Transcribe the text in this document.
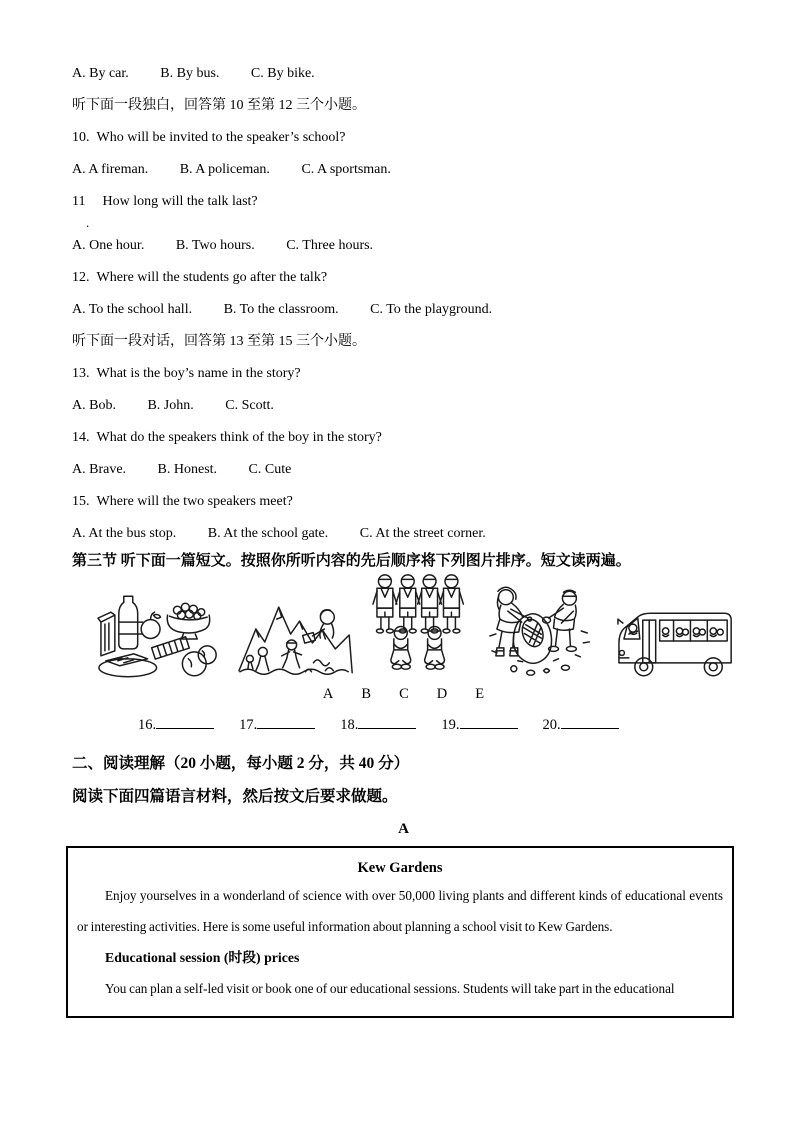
A. By car. B. By bus. C. By bike.
听下面一段独白，回答第 10 至第 12 三个小题。
10. Who will be invited to the speaker’s school?
A. A fireman. B. A policeman. C. A sportsman.
11 How long will the talk last?
.
A. One hour. B. Two hours. C. Three hours.
12. Where will the students go after the talk?
A. To the school hall. B. To the classroom. C. To the playground.
听下面一段对话，回答第 13 至第 15 三个小题。
13. What is the boy’s name in the story?
A. Bob. B. John. C. Scott.
14. What do the speakers think of the boy in the story?
A. Brave. B. Honest. C. Cute
15. Where will the two speakers meet?
A. At the bus stop. B. At the school gate. C. At the street corner.
第三节 听下面一篇短文。按照你所听内容的先后顺序将下列图片排序。短文读两遍。
A B C D E
16.	17.	18.	19.	20.
二、阅读理解（20 小题，每小题 2 分，共 40 分）
阅读下面四篇语言材料，然后按文后要求做题。
A
Kew Gardens

Enjoy yourselves in a wonderland of science with over 50,000 living plants and different kinds of educational events or interesting activities. Here is some useful information about planning a school visit to Kew Gardens.

Educational session (时段) prices

You can plan a self-led visit or book one of our educational sessions. Students will take part in the educational
